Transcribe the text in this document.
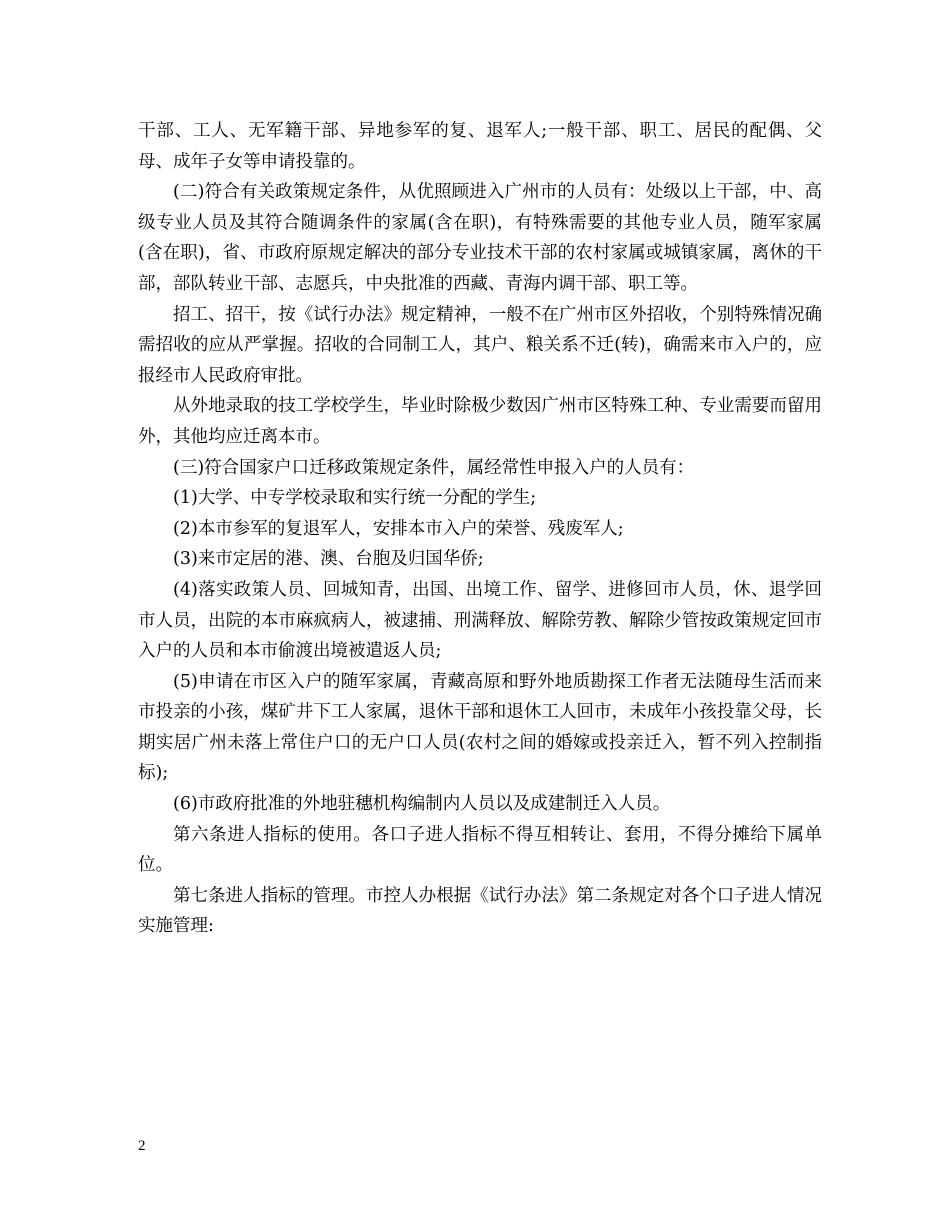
干部、工人、无军籍干部、异地参军的复、退军人;一般干部、职工、居民的配偶、父母、成年子女等申请投靠的。

(二)符合有关政策规定条件，从优照顾进入广州市的人员有：处级以上干部，中、高级专业人员及其符合随调条件的家属(含在职)，有特殊需要的其他专业人员，随军家属(含在职)，省、市政府原规定解决的部分专业技术干部的农村家属或城镇家属，离休的干部，部队转业干部、志愿兵，中央批准的西藏、青海内调干部、职工等。

招工、招干，按《试行办法》规定精神，一般不在广州市区外招收，个别特殊情况确需招收的应从严掌握。招收的合同制工人，其户、粮关系不迁(转)，确需来市入户的，应报经市人民政府审批。

从外地录取的技工学校学生，毕业时除极少数因广州市区特殊工种、专业需要而留用外，其他均应迁离本市。

(三)符合国家户口迁移政策规定条件，属经常性申报入户的人员有：

(1)大学、中专学校录取和实行统一分配的学生;

(2)本市参军的复退军人，安排本市入户的荣誉、残废军人;

(3)来市定居的港、澳、台胞及归国华侨;

(4)落实政策人员、回城知青，出国、出境工作、留学、进修回市人员，休、退学回市人员，出院的本市麻疯病人，被逮捕、刑满释放、解除劳教、解除少管按政策规定回市入户的人员和本市偷渡出境被遣返人员;

(5)申请在市区入户的随军家属，青藏高原和野外地质勘探工作者无法随母生活而来市投亲的小孩，煤矿井下工人家属，退休干部和退休工人回市，未成年小孩投靠父母，长期实居广州未落上常住户口的无户口人员(农村之间的婚嫁或投亲迁入，暂不列入控制指标);

(6)市政府批准的外地驻穗机构编制内人员以及成建制迁入人员。

第六条进人指标的使用。各口子进人指标不得互相转让、套用，不得分摊给下属单位。

第七条进人指标的管理。市控人办根据《试行办法》第二条规定对各个口子进人情况实施管理:

2
